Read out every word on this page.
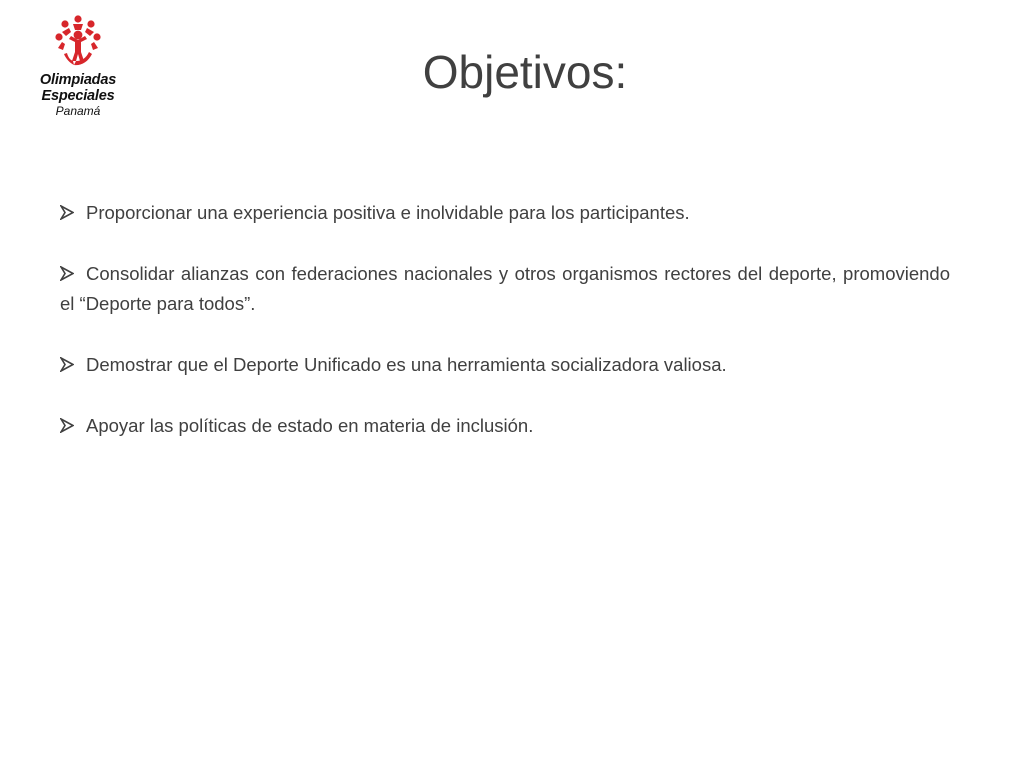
Olimpiadas
Especiales
Panamá
Objetivos:

Proporcionar una experiencia positiva e inolvidable para los participantes.

Consolidar alianzas con federaciones nacionales y otros organismos rectores del deporte, promoviendo el “Deporte para todos”.

Demostrar que el Deporte Unificado es una herramienta socializadora valiosa.

Apoyar las políticas de estado en materia de inclusión.
